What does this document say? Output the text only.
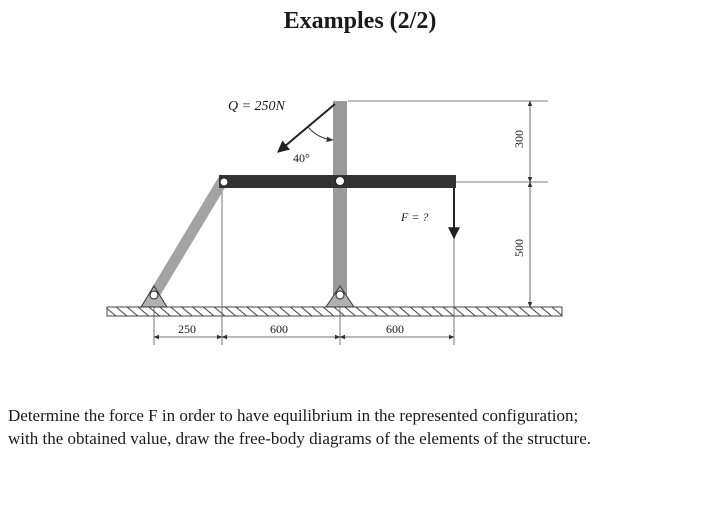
Examples (2/2)
Q = 250N
40°
F = ?
250	600	600
300
500

Determine the force F in order to have equilibrium in the represented configuration;

with the obtained value, draw the free-body diagrams of the elements of the structure.
